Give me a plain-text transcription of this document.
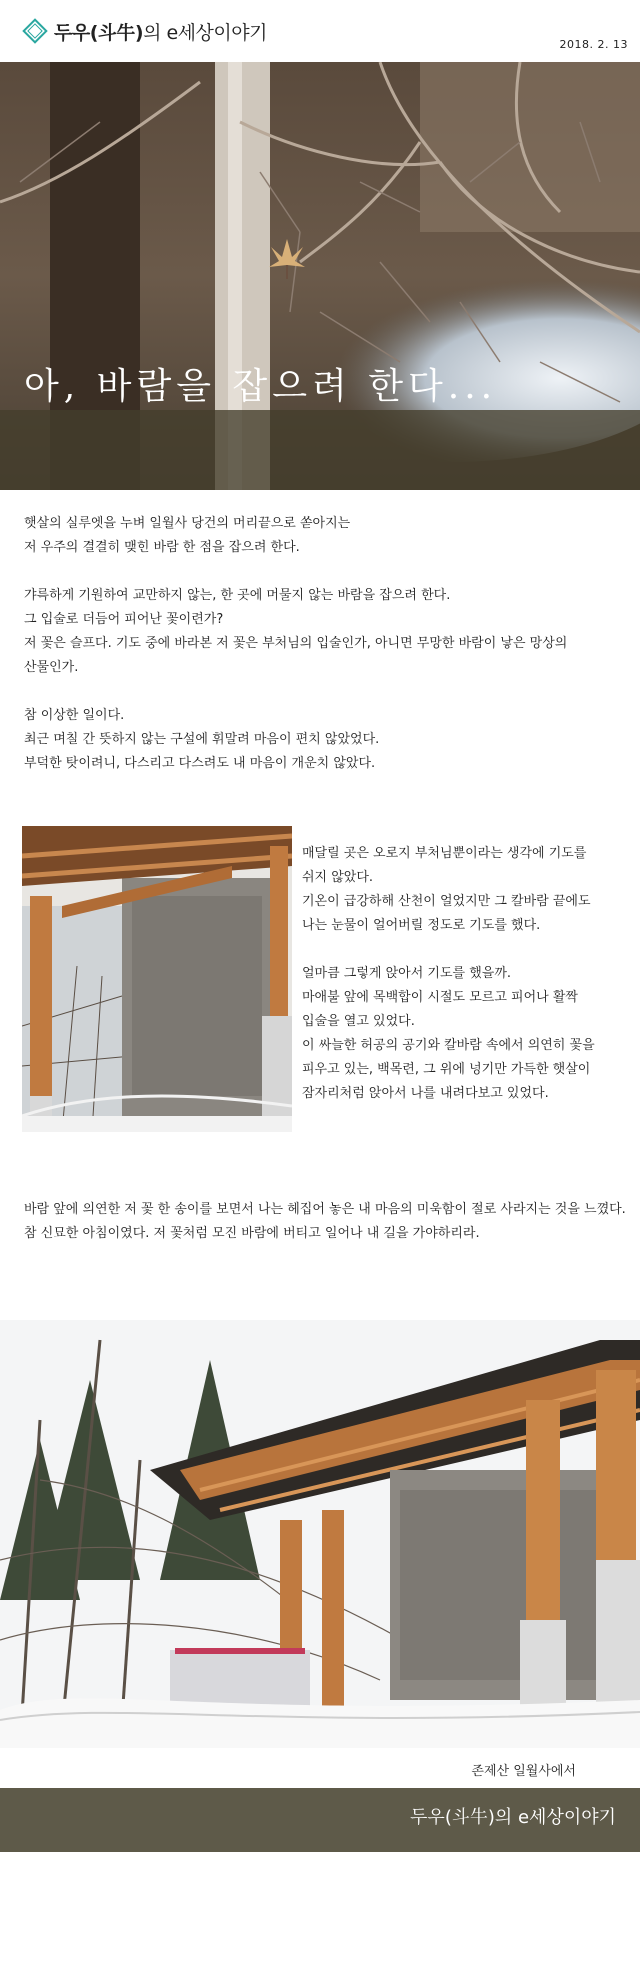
두우(斗牛)의 e세상이야기
2018. 2. 13
아, 바람을 잡으려 한다...

햇살의 실루엣을 누벼 일월사 당건의 머리끝으로 쏟아지는

저 우주의 결결히 맺힌 바람 한 점을 잡으려 한다.

갸륵하게 기원하여 교만하지 않는, 한 곳에 머물지 않는 바람을 잡으려 한다.

그 입술로 더듬어 피어난 꽃이련가?

저 꽃은 슬프다. 기도 중에 바라본 저 꽃은 부처님의 입술인가, 아니면 무망한 바람이 낳은 망상의

산물인가.

참 이상한 일이다.

최근 며칠 간 뜻하지 않는 구설에 휘말려 마음이 편치 않았었다.

부덕한 탓이려니, 다스리고 다스려도 내 마음이 개운치 않았다.

매달릴 곳은 오로지 부처님뿐이라는 생각에 기도를

쉬지 않았다.

기온이 급강하해 산천이 얼었지만 그 칼바람 끝에도

나는 눈물이 얼어버릴 정도로 기도를 했다.

얼마큼 그렇게 앉아서 기도를 했을까.

마애불 앞에 목백합이 시절도 모르고 피어나 활짝

입술을 열고 있었다.

이 싸늘한 허공의 공기와 칼바람 속에서 의연히 꽃을

피우고 있는, 백목련, 그 위에 넝기만 가득한 햇살이

잠자리처럼 앉아서 나를 내려다보고 있었다.

바람 앞에 의연한 저 꽃 한 송이를 보면서 나는 헤집어 놓은 내 마음의 미욱함이 절로 사라지는 것을 느꼈다.

참 신묘한 아침이였다. 저 꽃처럼 모진 바람에 버티고 일어나 내 길을 가야하리라.

존제산 일월사에서
두우(斗牛)의 e세상이야기
